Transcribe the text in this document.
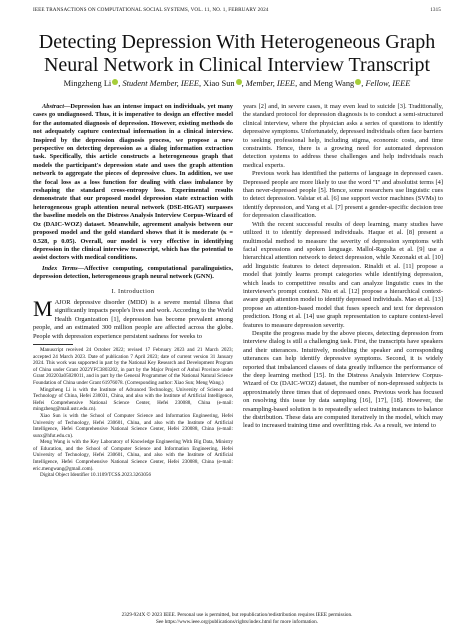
IEEE TRANSACTIONS ON COMPUTATIONAL SOCIAL SYSTEMS, VOL. 11, NO. 1, FEBRUARY 2024	1315
Detecting Depression With Heterogeneous Graph
Neural Network in Clinical Interview Transcript
Mingzheng Li , Student Member, IEEE, Xiao Sun , Member, IEEE, and Meng Wang , Fellow, IEEE

Abstract—Depression has an intense impact on individuals, yet many cases go undiagnosed. Thus, it is imperative to design an effective model for the automated diagnosis of depression. However, existing methods do not adequately capture contextual information in a clinical interview. Inspired by the depression diagnosis process, we propose a new perspective on detecting depression as a dialog information extraction task. Specifically, this article constructs a heterogeneous graph that models the participant's depression state and uses the graph attention network to aggregate the pieces of depressive clues. In addition, we use the focal loss as a loss function for dealing with class imbalance by reshaping the standard cross-entropy loss. Experimental results demonstrate that our proposed model depression state extraction with heterogeneous graph attention neural network (DSE-HGAT) surpasses the baseline models on the Distress Analysis Interview Corpus-Wizard of Oz (DAIC-WOZ) dataset. Meanwhile, agreement analysis between our proposed model and the gold standard shows that it is moderate (κ = 0.528, p 0.05). Overall, our model is very effective in identifying depression in the clinical interview transcript, which has the potential to assist doctors with medical conditions.

Index Terms—Affective computing, computational paralinguistics, depression detection, heterogeneous graph neural network (GNN).

I. Introduction

MAJOR depressive disorder (MDD) is a severe mental illness that significantly impacts people's lives and work. According to the World Health Organization [1], depression has become prevalent among people, and an estimated 300 million people are affected across the globe. People with depression experience persistent sadness for weeks to

Manuscript received 24 October 2022; revised 17 February 2023 and 21 March 2023; accepted 24 March 2023. Date of publication 7 April 2023; date of current version 31 January 2024. This work was supported in part by the National Key Research and Development Program of China under Grant 2022YFC3803202, in part by the Major Project of Anhui Province under Grant 202203a05020011, and in part by the General Programmer of the National Natural Science Foundation of China under Grant 61976078. (Corresponding author: Xiao Sun; Meng Wang.)

Mingzheng Li is with the Institute of Advanced Technology, University of Science and Technology of China, Hefei 230031, China, and also with the Institute of Artificial Intelligence, Hefei Comprehensive National Science Center, Hefei 230088, China (e-mail: mingzheng@mail.ustc.edu.cn).

Xiao Sun is with the School of Computer Science and Information Engineering, Hefei University of Technology, Hefei 230601, China, and also with the Institute of Artificial Intelligence, Hefei Comprehensive National Science Center, Hefei 230088, China (e-mail: sunx@hfut.edu.cn).

Meng Wang is with the Key Laboratory of Knowledge Engineering With Big Data, Ministry of Education, and the School of Computer Science and Information Engineering, Hefei University of Technology, Hefei 230601, China, and also with the Institute of Artificial Intelligence, Hefei Comprehensive National Science Center, Hefei 230088, China (e-mail: eric.mengwang@gmail.com).

Digital Object Identifier 10.1109/TCSS.2023.3263056

years [2] and, in severe cases, it may even lead to suicide [3]. Traditionally, the standard protocol for depression diagnosis is to conduct a semi-structured clinical interview, where the physician asks a series of questions to identify depressive symptoms. Unfortunately, depressed individuals often face barriers to seeking professional help, including stigma, economic costs, and time constraints. Hence, there is a growing need for automated depression detection systems to address these challenges and help individuals reach medical experts.

Previous work has identified the patterns of language in depressed cases. Depressed people are more likely to use the word "I" and absolutist terms [4] than never-depressed people [5]. Hence, some researchers use linguistic cues to detect depression. Valstar et al. [6] use support vector machines (SVMs) to identify depression, and Yang et al. [7] present a gender-specific decision tree for depression classification.

With the recent successful results of deep learning, many studies have utilized it to identify depressed individuals. Haque et al. [8] present a multimodal method to measure the severity of depression symptoms with facial expressions and spoken language. Mallol-Ragolta et al. [9] use a hierarchical attention network to detect depression, while Xezonaki et al. [10] add linguistic features to detect depression. Rinaldi et al. [11] propose a model that jointly learns prompt categories while identifying depression, which leads to competitive results and can analyze linguistic cues in the interviewer's prompt context. Niu et al. [12] propose a hierarchical context-aware graph attention model to identify depressed individuals. Mao et al. [13] propose an attention-based model that fuses speech and text for depression prediction. Hong et al. [14] use graph representation to capture context-level features to measure depression severity.

Despite the progress made by the above pieces, detecting depression from interview dialog is still a challenging task. First, the transcripts have speakers and their utterances. Intuitively, modeling the speaker and corresponding utterances can help identify depressive symptoms. Second, it is widely reported that imbalanced classes of data greatly influence the performance of the deep learning method [15]. In the Distress Analysis Interview Corpus-Wizard of Oz (DAIC-WOZ) dataset, the number of non-depressed subjects is approximately three times that of depressed ones. Previous work has focused on resolving this issue by data sampling [16], [17], [18]. However, the resampling-based solution is to repeatedly select training instances to balance the distribution. These data are computed iteratively in the model, which may lead to increased training time and overfitting risk. As a result, we intend to

2329-924X © 2023 IEEE. Personal use is permitted, but republication/redistribution requires IEEE permission.
See https://www.ieee.org/publications/rights/index.html for more information.
